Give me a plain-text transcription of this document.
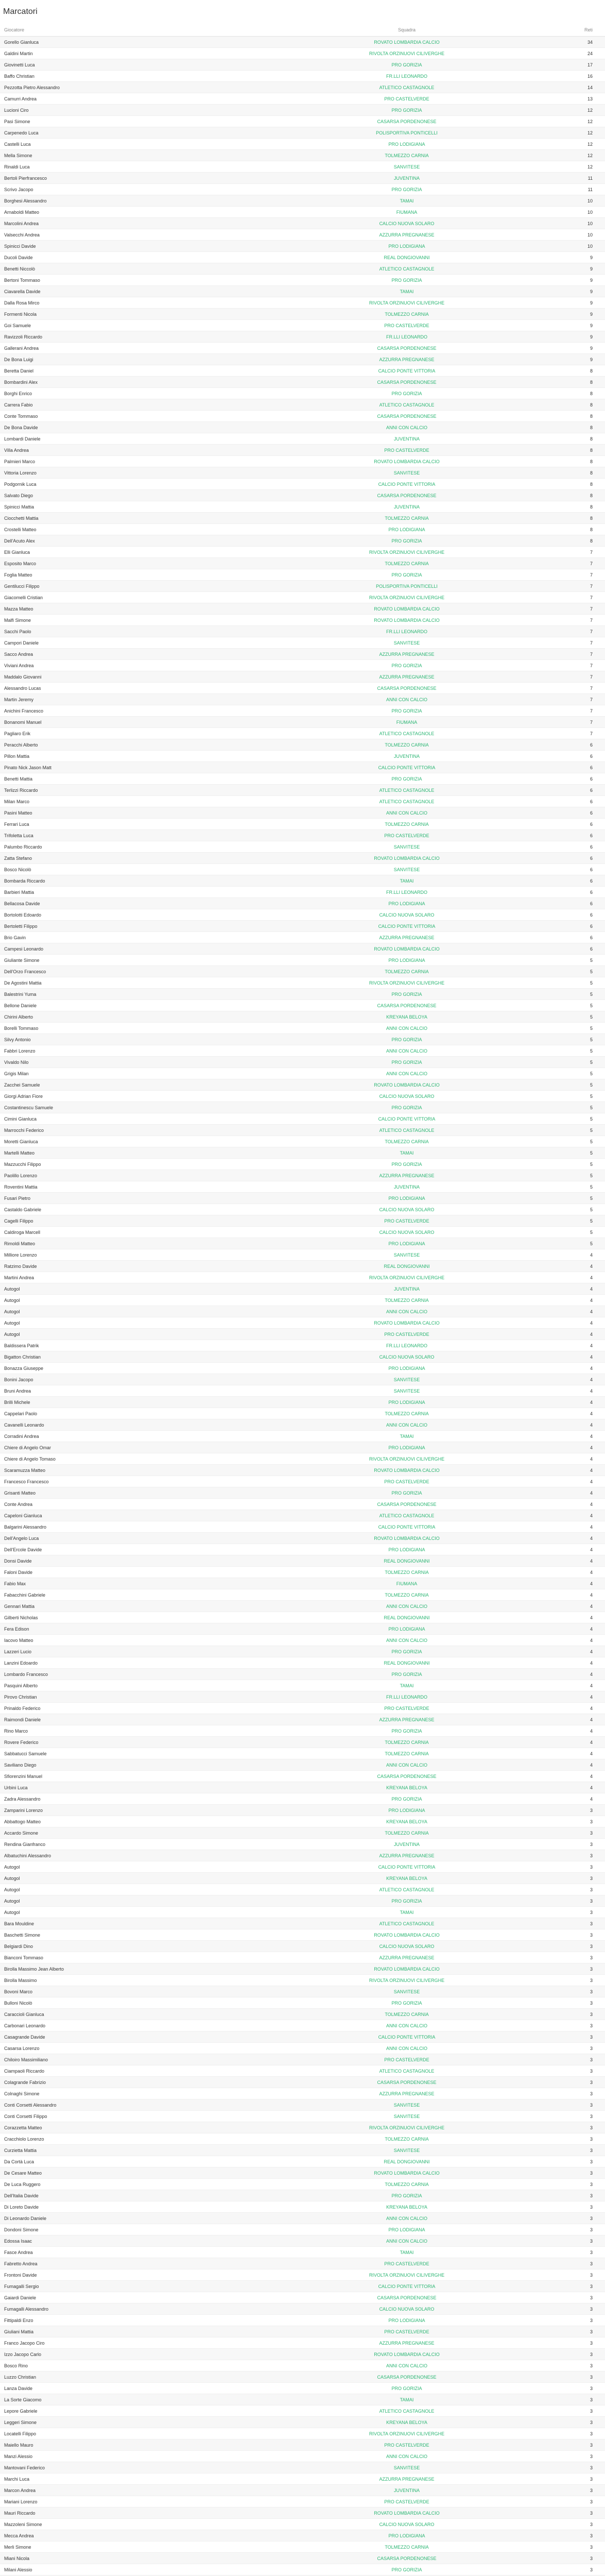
Marcatori
Giocatore	Squadra	Reti
Gorello Gianluca	ROVATO LOMBARDIA CALCIO	34
Galdini Martin	RIVOLTA ORZINUOVI CILIVERGHE	24
Giovinetti Luca	PRO GORIZIA	17
Baffo Christian	FR.LLI LEONARDO	16
Pezzotta Pietro Alessandro	ATLETICO CASTAGNOLE	14
Camurri Andrea	PRO CASTELVERDE	13
Lucioni Ciro	PRO GORIZIA	12
Pasi Simone	CASARSA PORDENONESE	12
Carpenedo Luca	POLISPORTIVA PONTICELLI	12
Castelli Luca	PRO LODIGIANA	12
Mella Simone	TOLMEZZO CARNIA	12
Rinaldi Luca	SANVITESE	12
Bertoli Pierfrancesco	JUVENTINA	11
Scrivo Jacopo	PRO GORIZIA	11
Borghesi Alessandro	TAMAI	10
Arnaboldi Matteo	FIUMANA	10
Marcolini Andrea	CALCIO NUOVA SOLARO	10
Valsecchi Andrea	AZZURRA PREGNANESE	10
Spinicci Davide	PRO LODIGIANA	10
Ducoli Davide	REAL DONGIOVANNI	9
Benetti Niccolò	ATLETICO CASTAGNOLE	9
Bertoni Tommaso	PRO GORIZIA	9
Ciavarella Davide	TAMAI	9
Dalla Rosa Mirco	RIVOLTA ORZINUOVI CILIVERGHE	9
Formenti Nicola	TOLMEZZO CARNIA	9
Goi Samuele	PRO CASTELVERDE	9
Ravizzoli Riccardo	FR.LLI LEONARDO	9
Gallerani Andrea	CASARSA PORDENONESE	9
De Bona Luigi	AZZURRA PREGNANESE	9
Beretta Daniel	CALCIO PONTE VITTORIA	8
Bombardini Alex	CASARSA PORDENONESE	8
Borghi Enrico	PRO GORIZIA	8
Carrera Fabio	ATLETICO CASTAGNOLE	8
Conte Tommaso	CASARSA PORDENONESE	8
De Bona Davide	ANNI CON CALCIO	8
Lombardi Daniele	JUVENTINA	8
Villa Andrea	PRO CASTELVERDE	8
Palmieri Marco	ROVATO LOMBARDIA CALCIO	8
Vittoria Lorenzo	SANVITESE	8
Podgornik Luca	CALCIO PONTE VITTORIA	8
Salvato Diego	CASARSA PORDENONESE	8
Spinicci Mattia	JUVENTINA	8
Ciocchetti Mattia	TOLMEZZO CARNIA	8
Crostelli Matteo	PRO LODIGIANA	8
Dell'Acuto Alex	PRO GORIZIA	8
Elli Gianluca	RIVOLTA ORZINUOVI CILIVERGHE	7
Esposito Marco	TOLMEZZO CARNIA	7
Foglia Matteo	PRO GORIZIA	7
Gentilucci Filippo	POLISPORTIVA PONTICELLI	7
Giacomelli Cristian	RIVOLTA ORZINUOVI CILIVERGHE	7
Mazza Matteo	ROVATO LOMBARDIA CALCIO	7
Malfi Simone	ROVATO LOMBARDIA CALCIO	7
Sacchi Paolo	FR.LLI LEONARDO	7
Campori Daniele	SANVITESE	7
Sacco Andrea	AZZURRA PREGNANESE	7
Viviani Andrea	PRO GORIZIA	7
Maddalo Giovanni	AZZURRA PREGNANESE	7
Alessandro Lucas	CASARSA PORDENONESE	7
Martin Jeremy	ANNI CON CALCIO	7
Anichini Francesco	PRO GORIZIA	7
Bonanomi Manuel	FIUMANA	7
Pagliaro Erik	ATLETICO CASTAGNOLE	7
Peracchi Alberto	TOLMEZZO CARNIA	6
Pillon Mattia	JUVENTINA	6
Pinato Nick Jason Matt	CALCIO PONTE VITTORIA	6
Benetti Mattia	PRO GORIZIA	6
Terlizzi Riccardo	ATLETICO CASTAGNOLE	6
Milan Marco	ATLETICO CASTAGNOLE	6
Pasini Matteo	ANNI CON CALCIO	6
Ferrari Luca	TOLMEZZO CARNIA	6
Trifoletta Luca	PRO CASTELVERDE	6
Palumbo Riccardo	SANVITESE	6
Zatta Stefano	ROVATO LOMBARDIA CALCIO	6
Bosco Nicolò	SANVITESE	6
Bombarda Riccardo	TAMAI	6
Barbieri Mattia	FR.LLI LEONARDO	6
Bellacosa Davide	PRO LODIGIANA	6
Bortolotti Edoardo	CALCIO NUOVA SOLARO	6
Bertoletti Filippo	CALCIO PONTE VITTORIA	6
Brio Gavin	AZZURRA PREGNANESE	6
Campesi Leonardo	ROVATO LOMBARDIA CALCIO	6
Giuliante Simone	PRO LODIGIANA	5
Dell'Orzo Francesco	TOLMEZZO CARNIA	5
De Agostini Mattia	RIVOLTA ORZINUOVI CILIVERGHE	5
Balestrini Yuma	PRO GORIZIA	5
Bellone Daniele	CASARSA PORDENONESE	5
Chirini Alberto	KREYANA BELOYA	5
Borelli Tommaso	ANNI CON CALCIO	5
Silvy Antonio	PRO GORIZIA	5
Fabbri Lorenzo	ANNI CON CALCIO	5
Vivaldo Nilo	PRO GORIZIA	5
Grigis Milan	ANNI CON CALCIO	5
Zacchei Samuele	ROVATO LOMBARDIA CALCIO	5
Giorgi Adrian Fiore	CALCIO NUOVA SOLARO	5
Costantinescu Samuele	PRO GORIZIA	5
Cimini Gianluca	CALCIO PONTE VITTORIA	5
Marrocchi Federico	ATLETICO CASTAGNOLE	5
Moretti Gianluca	TOLMEZZO CARNIA	5
Martelli Matteo	TAMAI	5
Mazzucchi Filippo	PRO GORIZIA	5
Paolillo Lorenzo	AZZURRA PREGNANESE	5
Roventini Mattia	JUVENTINA	5
Fusari Pietro	PRO LODIGIANA	5
Castaldo Gabriele	CALCIO NUOVA SOLARO	5
Cagelli Filippo	PRO CASTELVERDE	5
Caldiroga Marcell	CALCIO NUOVA SOLARO	5
Rimoldi Matteo	PRO LODIGIANA	5
Milliore Lorenzo	SANVITESE	4
Ratzimo Davide	REAL DONGIOVANNI	4
Martini Andrea	RIVOLTA ORZINUOVI CILIVERGHE	4
Autogol	JUVENTINA	4
Autogol	TOLMEZZO CARNIA	4
Autogol	ANNI CON CALCIO	4
Autogol	ROVATO LOMBARDIA CALCIO	4
Autogol	PRO CASTELVERDE	4
Baldissera Patrik	FR.LLI LEONARDO	4
Bigatton Christian	CALCIO NUOVA SOLARO	4
Bonazza Giuseppe	PRO LODIGIANA	4
Bonini Jacopo	SANVITESE	4
Bruni Andrea	SANVITESE	4
Brilli Michele	PRO LODIGIANA	4
Cappelari Paolo	TOLMEZZO CARNIA	4
Cavanelli Leonardo	ANNI CON CALCIO	4
Corradini Andrea	TAMAI	4
Chiere di Angelo Omar	PRO LODIGIANA	4
Chiere di Angelo Tomaso	RIVOLTA ORZINUOVI CILIVERGHE	4
Scaramuzza Matteo	ROVATO LOMBARDIA CALCIO	4
Francesco Francesco	PRO CASTELVERDE	4
Grisanti Matteo	PRO GORIZIA	4
Conte Andrea	CASARSA PORDENONESE	4
Capeloni Gianluca	ATLETICO CASTAGNOLE	4
Balgarini Alessandro	CALCIO PONTE VITTORIA	4
Dell'Angelo Luca	ROVATO LOMBARDIA CALCIO	4
Dell'Ercole Davide	PRO LODIGIANA	4
Donsi Davide	REAL DONGIOVANNI	4
Faloni Davide	TOLMEZZO CARNIA	4
Fabio Max	FIUMANA	4
Fabacchini Gabriele	TOLMEZZO CARNIA	4
Gennari Mattia	ANNI CON CALCIO	4
Gilberti Nicholas	REAL DONGIOVANNI	4
Fera Edison	PRO LODIGIANA	4
Iacovo Matteo	ANNI CON CALCIO	4
Lazzeri Lucio	PRO GORIZIA	4
Lanzini Edoardo	REAL DONGIOVANNI	4
Lombardo Francesco	PRO GORIZIA	4
Pasquini Alberto	TAMAI	4
Pirovo Christian	FR.LLI LEONARDO	4
Prinaldo Federico	PRO CASTELVERDE	4
Raimondi Daniele	AZZURRA PREGNANESE	4
Rino Marco	PRO GORIZIA	4
Rovere Federico	TOLMEZZO CARNIA	4
Sabbatucci Samuele	TOLMEZZO CARNIA	4
Saviliano Diego	ANNI CON CALCIO	4
Sfiorenzini Manuel	CASARSA PORDENONESE	4
Urbini Luca	KREYANA BELOYA	4
Zadra Alessandro	PRO GORIZIA	4
Zamparini Lorenzo	PRO LODIGIANA	3
Abbattogo Matteo	KREYANA BELOYA	3
Accardo Simone	TOLMEZZO CARNIA	3
Rendina Gianfranco	JUVENTINA	3
Albatuchini Alessandro	AZZURRA PREGNANESE	3
Autogol	CALCIO PONTE VITTORIA	3
Autogol	KREYANA BELOYA	3
Autogol	ATLETICO CASTAGNOLE	3
Autogol	PRO GORIZIA	3
Autogol	TAMAI	3
Bara Mouldine	ATLETICO CASTAGNOLE	3
Baschetti Simone	ROVATO LOMBARDIA CALCIO	3
Belgiardi Dino	CALCIO NUOVA SOLARO	3
Bianconi Tommaso	AZZURRA PREGNANESE	3
Birolla Massimo Jean Alberto	ROVATO LOMBARDIA CALCIO	3
Birolla Massimo	RIVOLTA ORZINUOVI CILIVERGHE	3
Bovoni Marco	SANVITESE	3
Bulloni Nicolò	PRO GORIZIA	3
Caraccioli Gianluca	TOLMEZZO CARNIA	3
Carbonari Leonardo	ANNI CON CALCIO	3
Casagrande Davide	CALCIO PONTE VITTORIA	3
Casarsa Lorenzo	ANNI CON CALCIO	3
Chiloiro Massimiliano	PRO CASTELVERDE	3
Ciampaoli Riccardo	ATLETICO CASTAGNOLE	3
Colagrande Fabrizio	CASARSA PORDENONESE	3
Colnaghi Simone	AZZURRA PREGNANESE	3
Conti Corsetti Alessandro	SANVITESE	3
Conti Corsetti Filippo	SANVITESE	3
Corazzetta Matteo	RIVOLTA ORZINUOVI CILIVERGHE	3
Cracchiolo Lorenzo	TOLMEZZO CARNIA	3
Curzietta Mattia	SANVITESE	3
Da Cortà Luca	REAL DONGIOVANNI	3
De Cesare Matteo	ROVATO LOMBARDIA CALCIO	3
De Luca Ruggero	TOLMEZZO CARNIA	3
Dell'Italia Davide	PRO GORIZIA	3
Di Loreto Davide	KREYANA BELOYA	3
Di Leonardo Daniele	ANNI CON CALCIO	3
Dondoni Simone	PRO LODIGIANA	3
Edossa Isaac	ANNI CON CALCIO	3
Fasce Andrea	TAMAI	3
Fabretto Andrea	PRO CASTELVERDE	3
Frontoni Davide	RIVOLTA ORZINUOVI CILIVERGHE	3
Fumagalli Sergio	CALCIO PONTE VITTORIA	3
Gaiardi Daniele	CASARSA PORDENONESE	3
Fumagalli Alessandro	CALCIO NUOVA SOLARO	3
Fittipaldi Enzo	PRO LODIGIANA	3
Giuliani Mattia	PRO CASTELVERDE	3
Franco Jacopo Ciro	AZZURRA PREGNANESE	3
Izzo Jacopo Carlo	ROVATO LOMBARDIA CALCIO	3
Bosco Rino	ANNI CON CALCIO	3
Luzzo Christian	CASARSA PORDENONESE	3
Lanza Davide	PRO GORIZIA	3
La Sorte Giacomo	TAMAI	3
Lepore Gabriele	ATLETICO CASTAGNOLE	3
Leggeri Simone	KREYANA BELOYA	3
Locatelli Filippo	RIVOLTA ORZINUOVI CILIVERGHE	3
Maiello Mauro	PRO CASTELVERDE	3
Manzi Alessio	ANNI CON CALCIO	3
Mantovani Federico	SANVITESE	3
Marchi Luca	AZZURRA PREGNANESE	3
Marcon Andrea	JUVENTINA	3
Mariani Lorenzo	PRO CASTELVERDE	3
Mauri Riccardo	ROVATO LOMBARDIA CALCIO	3
Mazzoleni Simone	CALCIO NUOVA SOLARO	3
Mecca Andrea	PRO LODIGIANA	3
Merli Simone	TOLMEZZO CARNIA	3
Miani Nicola	CASARSA PORDENONESE	3
Milani Alessio	PRO GORIZIA	3
